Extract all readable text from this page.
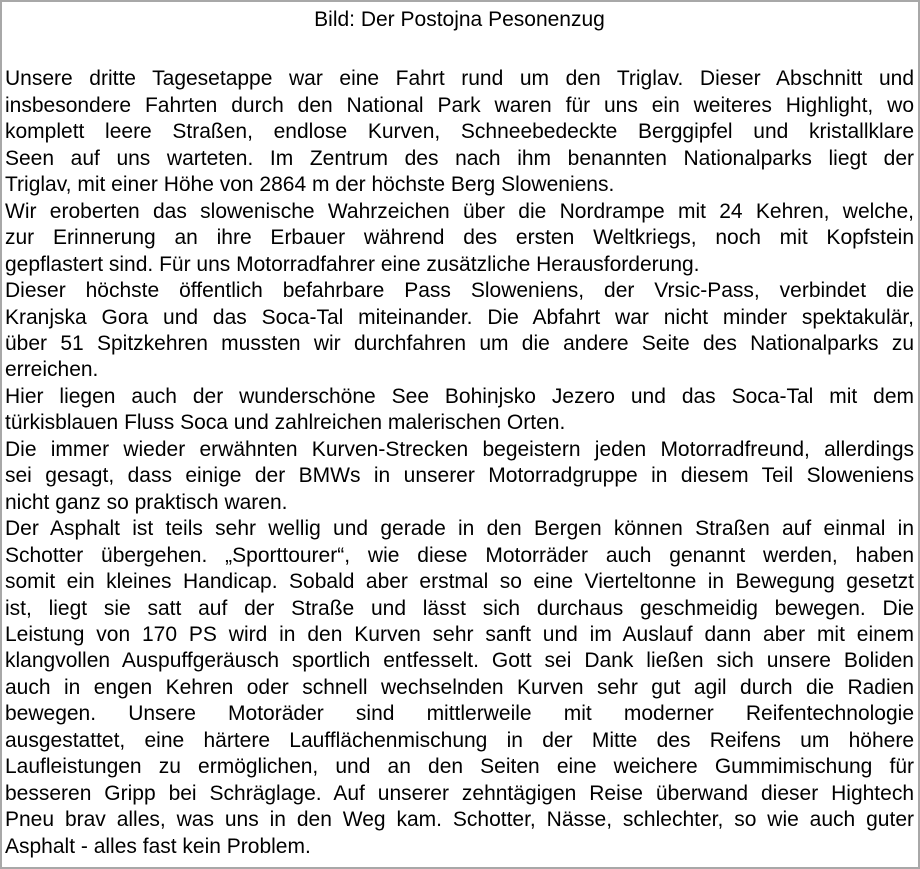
Bild: Der Postojna Pesonenzug
Unsere dritte Tagesetappe war eine Fahrt rund um den Triglav. Dieser Abschnitt und
insbesondere Fahrten durch den National Park waren für uns ein weiteres Highlight, wo
komplett leere Straßen, endlose Kurven, Schneebedeckte Berggipfel und kristallklare
Seen auf uns warteten. Im Zentrum des nach ihm benannten Nationalparks liegt der
Triglav, mit einer Höhe von 2864 m der höchste Berg Sloweniens.
Wir eroberten das slowenische Wahrzeichen über die Nordrampe mit 24 Kehren, welche,
zur Erinnerung an ihre Erbauer während des ersten Weltkriegs, noch mit Kopfstein
gepflastert sind. Für uns Motorradfahrer eine zusätzliche Herausforderung.
Dieser höchste öffentlich befahrbare Pass Sloweniens, der Vrsic-Pass, verbindet die
Kranjska Gora und das Soca-Tal miteinander. Die Abfahrt war nicht minder spektakulär,
über 51 Spitzkehren mussten wir durchfahren um die andere Seite des Nationalparks zu
erreichen.
Hier liegen auch der wunderschöne See Bohinjsko Jezero und das Soca-Tal mit dem
türkisblauen Fluss Soca und zahlreichen malerischen Orten.
Die immer wieder erwähnten Kurven-Strecken begeistern jeden Motorradfreund, allerdings
sei gesagt, dass einige der BMWs in unserer Motorradgruppe in diesem Teil Sloweniens
nicht ganz so praktisch waren.
Der Asphalt ist teils sehr wellig und gerade in den Bergen können Straßen auf einmal in
Schotter übergehen. „Sporttourer“, wie diese Motorräder auch genannt werden, haben
somit ein kleines Handicap. Sobald aber erstmal so eine Vierteltonne in Bewegung gesetzt
ist, liegt sie satt auf der Straße und lässt sich durchaus geschmeidig bewegen. Die
Leistung von 170 PS wird in den Kurven sehr sanft und im Auslauf dann aber mit einem
klangvollen Auspuffgeräusch sportlich entfesselt. Gott sei Dank ließen sich unsere Boliden
auch in engen Kehren oder schnell wechselnden Kurven sehr gut agil durch die Radien
bewegen. Unsere Motoräder sind mittlerweile mit moderner Reifentechnologie
ausgestattet, eine härtere Laufflächenmischung in der Mitte des Reifens um höhere
Laufleistungen zu ermöglichen, und an den Seiten eine weichere Gummimischung für
besseren Gripp bei Schräglage. Auf unserer zehntägigen Reise überwand dieser Hightech
Pneu brav alles, was uns in den Weg kam. Schotter, Nässe, schlechter, so wie auch guter
Asphalt - alles fast kein Problem.
